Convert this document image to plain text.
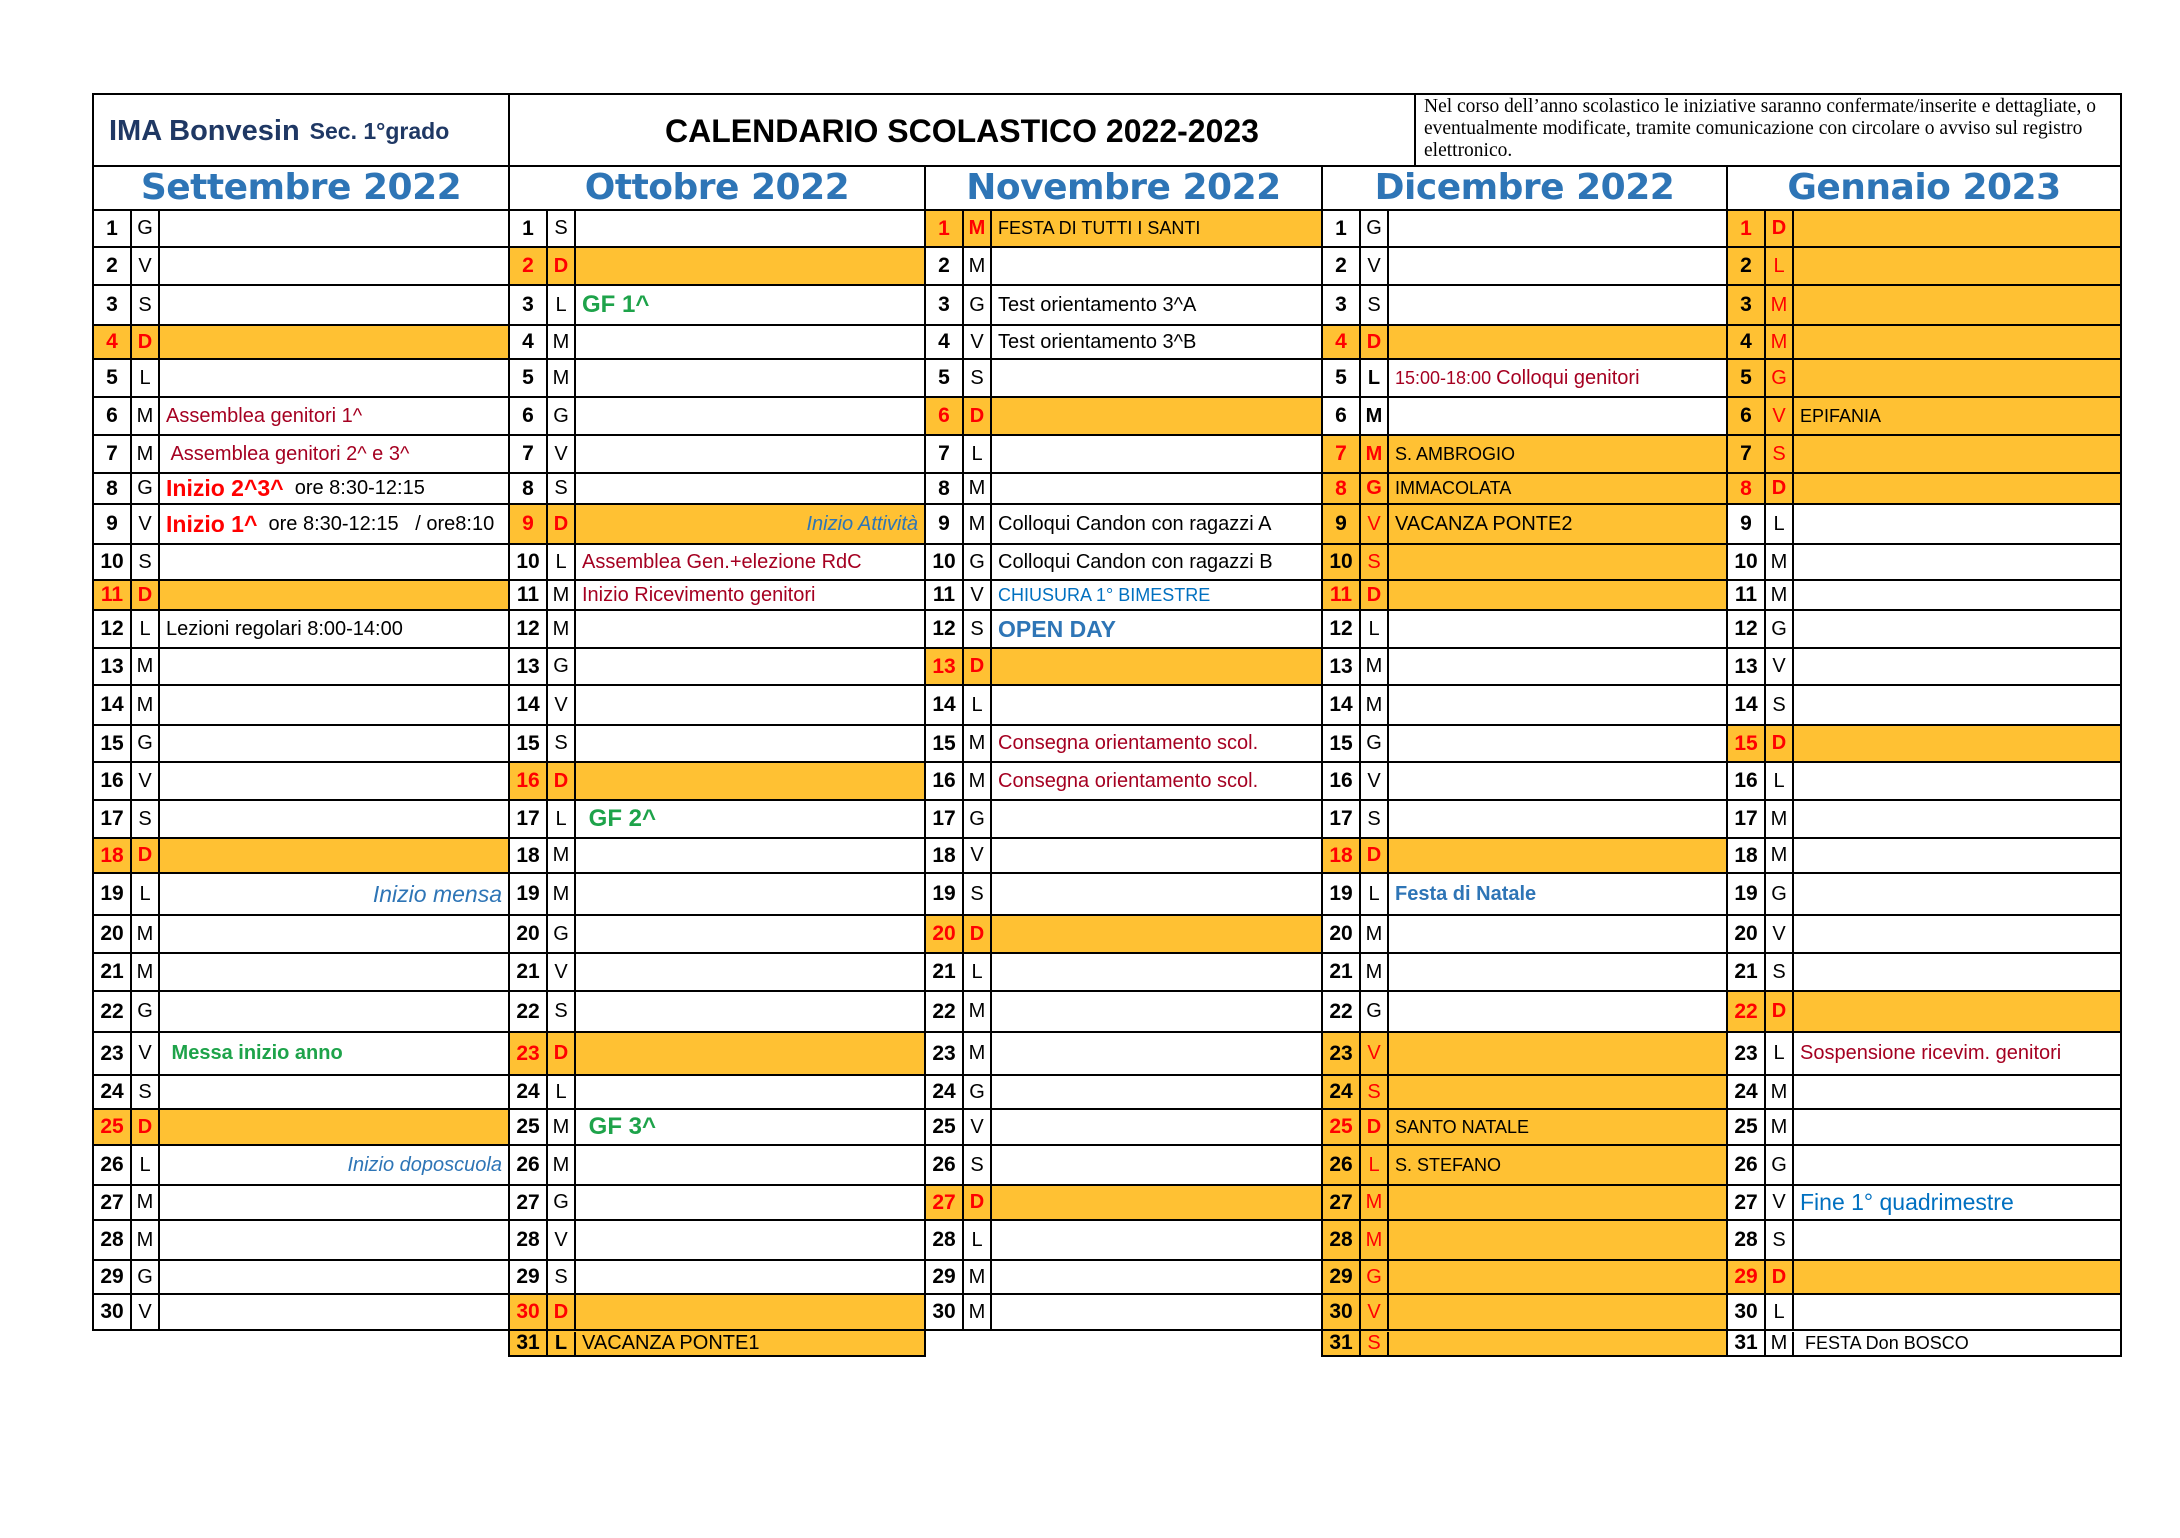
IMA Bonvesin Sec. 1°grado	CALENDARIO SCOLASTICO 2022-2023
Nel corso dell’anno scolastico le iniziative saranno confermate/inserite e dettagliate, o eventualmente modificate, tramite comunicazione con circolare o avviso sul registro elettronico.
Settembre 2022
1 G
2	V
3	S
4 D
5	L
6 M Assemblea genitori 1^
7 M Assemblea genitori 2^ e 3^
8 G Inizio 2^3^ ore 8:30-12:15
9	V Inizio 1^ ore 8:30-12:15   / ore8:10
10 S
11 D
12 L Lezioni regolari 8:00-14:00
13 M
14 M
15 G
16 V
17 S
18 D
19 L	Inizio mensa
20 M
21 M
22 G
23 V Messa inizio anno
24 S
25 D
26 L	Inizio doposcuola
27 M
28 M
29 G
30 V
Ottobre 2022
1	S
2 D
3	L GF 1^
4 M
5 M
6 G
7	V
8	S
9 D	Inizio Attività
10 L Assemblea Gen.+elezione RdC
11 M Inizio Ricevimento genitori
12 M
13 G
14 V
15 S
16 D
17 L GF 2^
18 M
19 M
20 G
21 V
22 S
23 D
24 L
25 M GF 3^
26 M
27 G
28 V
29 S
30 D
31 L VACANZA PONTE1
Novembre 2022
1 M FESTA DI TUTTI I SANTI
2 M
3 G Test orientamento 3^A
4	V Test orientamento 3^B
5	S
6 D
7	L
8 M
9 M Colloqui Candon con ragazzi A
10 G Colloqui Candon con ragazzi B
11 V CHIUSURA 1° BIMESTRE
12 S OPEN DAY
13 D
14 L
15 M Consegna orientamento scol.
16 M Consegna orientamento scol.
17 G
18 V
19 S
20 D
21 L
22 M
23 M
24 G
25 V
26 S
27 D
28 L
29 M
30 M
Dicembre 2022
1 G
2	V
3	S
4 D
5	L 15:00-18:00 Colloqui genitori
6 M
7 M S. AMBROGIO
8 G IMMACOLATA
9	V VACANZA PONTE2
10 S
11 D
12 L
13 M
14 M
15 G
16 V
17 S
18 D
19 L Festa di Natale
20 M
21 M
22 G
23 V
24 S
25 D SANTO NATALE
26 L S. STEFANO
27 M
28 M
29 G
30 V
31 S
Gennaio 2023
1 D
2	L
3 M
4 M
5 G
6	V EPIFANIA
7	S
8 D
9	L
10 M
11 M
12 G
13 V
14 S
15 D
16 L
17 M
18 M
19 G
20 V
21 S
22 D
23 L Sospensione ricevim. genitori
24 M
25 M
26 G
27 V Fine 1° quadrimestre
28 S
29 D
30 L
31 M FESTA Don BOSCO
